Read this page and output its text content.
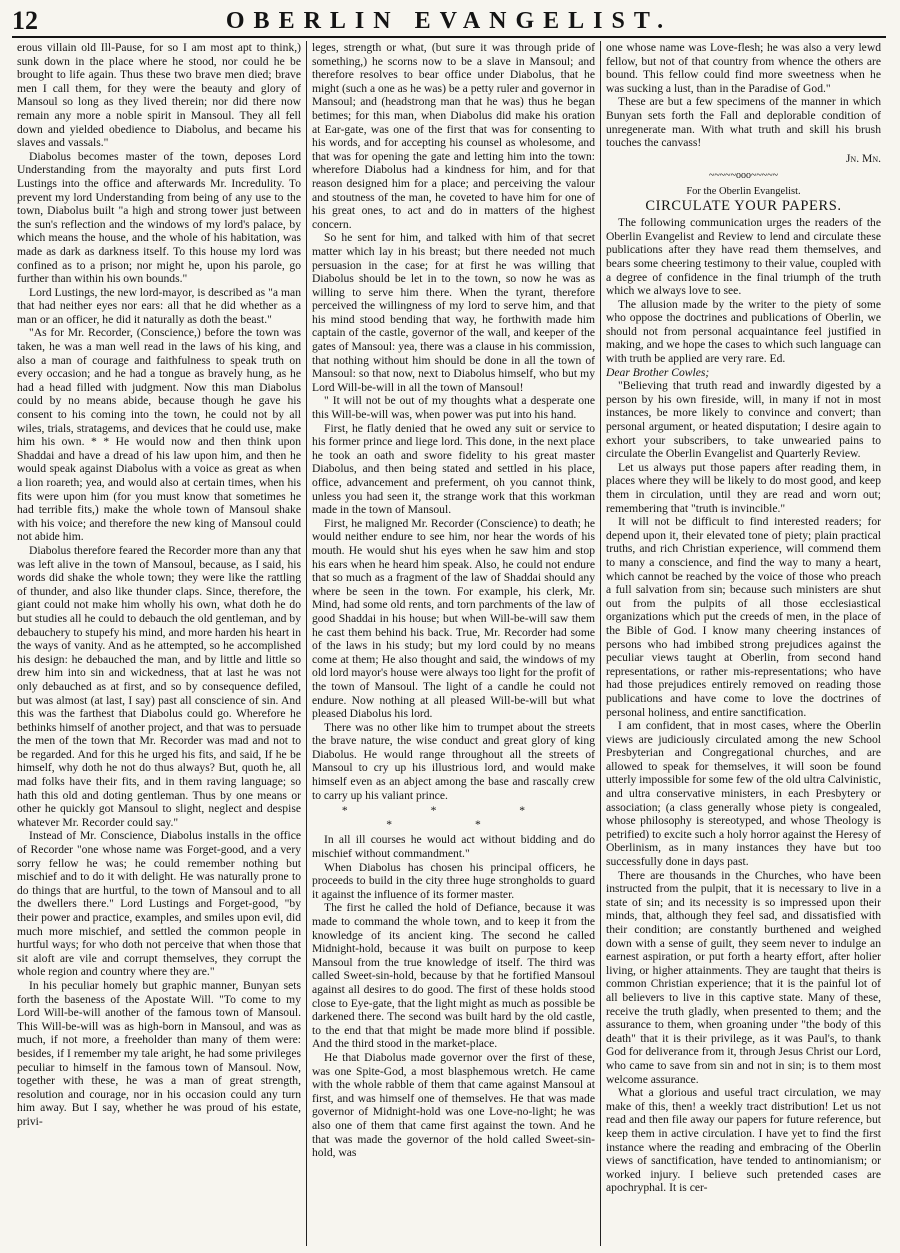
12	OBERLIN EVANGELIST.

erous villain old Ill-Pause, for so I am most apt to think,) sunk down in the place where he stood, nor could he be brought to life again. Thus these two brave men died; brave men I call them, for they were the beauty and glory of Mansoul so long as they lived therein; nor did there now remain any more a noble spirit in Mansoul. They all fell down and yielded obedience to Diabolus, and became his slaves and vassals."

Diabolus becomes master of the town, deposes Lord Understanding from the mayoralty and puts first Lord Lustings into the office and afterwards Mr. Incredulity. To prevent my lord Understanding from being of any use to the town, Diabolus built "a high and strong tower just between the sun's reflection and the windows of my lord's palace, by which means the house, and the whole of his habitation, was made as dark as darkness itself. To this house my lord was confined as to a prison; nor might he, upon his parole, go further than within his own bounds."

Lord Lustings, the new lord-mayor, is described as "a man that had neither eyes nor ears: all that he did whether as a man or an officer, he did it naturally as doth the beast."

"As for Mr. Recorder, (Conscience,) before the town was taken, he was a man well read in the laws of his king, and also a man of courage and faithfulness to speak truth on every occasion; and he had a tongue as bravely hung, as he had a head filled with judgment. Now this man Diabolus could by no means abide, because though he gave his consent to his coming into the town, he could not by all wiles, trials, stratagems, and devices that he could use, make him his own. * * He would now and then think upon Shaddai and have a dread of his law upon him, and then he would speak against Diabolus with a voice as great as when a lion roareth; yea, and would also at certain times, when his fits were upon him (for you must know that sometimes he had terrible fits,) make the whole town of Mansoul shake with his voice; and therefore the new king of Mansoul could not abide him.

Diabolus therefore feared the Recorder more than any that was left alive in the town of Mansoul, because, as I said, his words did shake the whole town; they were like the rattling of thunder, and also like thunder claps. Since, therefore, the giant could not make him wholly his own, what doth he do but studies all he could to debauch the old gentleman, and by debauchery to stupefy his mind, and more harden his heart in the ways of vanity. And as he attempted, so he accomplished his design: he debauched the man, and by little and little so drew him into sin and wickedness, that at last he was not only debauched as at first, and so by consequence defiled, but was almost (at last, I say) past all conscience of sin. And this was the farthest that Diabolus could go. Wherefore he bethinks himself of another project, and that was to persuade the men of the town that Mr. Recorder was mad and not to be regarded. And for this he urged his fits, and said, If he be himself, why doth he not do thus always? But, quoth he, all mad folks have their fits, and in them raving language; so hath this old and doting gentleman. Thus by one means or other he quickly got Mansoul to slight, neglect and despise whatever Mr. Recorder could say."

Instead of Mr. Conscience, Diabolus installs in the office of Recorder "one whose name was Forget-good, and a very sorry fellow he was; he could remember nothing but mischief and to do it with delight. He was naturally prone to do things that are hurtful, to the town of Mansoul and to all the dwellers there." Lord Lustings and Forget-good, "by their power and practice, examples, and smiles upon evil, did much more mischief, and settled the common people in hurtful ways; for who doth not perceive that when those that sit aloft are vile and corrupt themselves, they corrupt the whole region and country where they are."

In his peculiar homely but graphic manner, Bunyan sets forth the baseness of the Apostate Will. "To come to my Lord Will-be-will another of the famous town of Mansoul. This Will-be-will was as high-born in Mansoul, and was as much, if not more, a freeholder than many of them were: besides, if I remember my tale aright, he had some privileges peculiar to himself in the famous town of Mansoul. Now, together with these, he was a man of great strength, resolution and courage, nor in his occasion could any turn him away. But I say, whether he was proud of his estate, privi-

leges, strength or what, (but sure it was through pride of something,) he scorns now to be a slave in Mansoul; and therefore resolves to bear office under Diabolus, that he might (such a one as he was) be a petty ruler and governor in Mansoul; and (headstrong man that he was) thus he began betimes; for this man, when Diabolus did make his oration at Ear-gate, was one of the first that was for consenting to his words, and for accepting his counsel as wholesome, and that was for opening the gate and letting him into the town: wherefore Diabolus had a kindness for him, and for that reason designed him for a place; and perceiving the valour and stoutness of the man, he coveted to have him for one of his great ones, to act and do in matters of the highest concern.

So he sent for him, and talked with him of that secret matter which lay in his breast; but there needed not much persuasion in the case; for at first he was willing that Diabolus should be let in to the town, so now he was as willing to serve him there. When the tyrant, therefore perceived the willingness of my lord to serve him, and that his mind stood bending that way, he forthwith made him captain of the castle, governor of the wall, and keeper of the gates of Mansoul: yea, there was a clause in his commission, that nothing without him should be done in all the town of Mansoul: so that now, next to Diabolus himself, who but my Lord Will-be-will in all the town of Mansoul!

" It will not be out of my thoughts what a desperate one this Will-be-will was, when power was put into his hand.

First, he flatly denied that he owed any suit or service to his former prince and liege lord. This done, in the next place he took an oath and swore fidelity to his great master Diabolus, and then being stated and settled in his place, office, advancement and preferment, oh you cannot think, unless you had seen it, the strange work that this workman made in the town of Mansoul.

First, he maligned Mr. Recorder (Conscience) to death; he would neither endure to see him, nor hear the words of his mouth. He would shut his eyes when he saw him and stop his ears when he heard him speak. Also, he could not endure that so much as a fragment of the law of Shaddai should any where be seen in the town. For example, his clerk, Mr. Mind, had some old rents, and torn parchments of the law of good Shaddai in his house; but when Will-be-will saw them he cast them behind his back. True, Mr. Recorder had some of the laws in his study; but my lord could by no means come at them; He also thought and said, the windows of my old lord mayor's house were always too light for the profit of the town of Mansoul. The light of a candle he could not endure. Now nothing at all pleased Will-be-will but what pleased Diabolus his lord.

There was no other like him to trumpet about the streets the brave nature, the wise conduct and great glory of king Diabolus. He would range throughout all the streets of Mansoul to cry up his illustrious lord, and would make himself even as an abject among the base and rascally crew to carry up his valiant prince.

* * * * *

In all ill courses he would act without bidding and do mischief without commandment."

When Diabolus has chosen his principal officers, he proceeds to build in the city three huge strongholds to guard it against the influence of its former master.

The first he called the hold of Defiance, because it was made to command the whole town, and to keep it from the knowledge of its ancient king. The second he called Midnight-hold, because it was built on purpose to keep Mansoul from the true knowledge of itself. The third was called Sweet-sin-hold, because by that he fortified Mansoul against all desires to do good. The first of these holds stood close to Eye-gate, that the light might as much as possible be darkened there. The second was built hard by the old castle, to the end that that might be made more blind if possible. And the third stood in the market-place.

He that Diabolus made governor over the first of these, was one Spite-God, a most blasphemous wretch. He came with the whole rabble of them that came against Mansoul at first, and was himself one of themselves. He that was made governor of Midnight-hold was one Love-no-light; he was also one of them that came first against the town. And he that was made the governor of the hold called Sweet-sin-hold, was

one whose name was Love-flesh; he was also a very lewd fellow, but not of that country from whence the others are bound. This fellow could find more sweetness when he was sucking a lust, than in the Paradise of God."

These are but a few specimens of the manner in which Bunyan sets forth the Fall and deplorable condition of unregenerate man. With what truth and skill his brush touches the canvass!

Jn. Mn.
~~~~~ooo~~~~~
For the Oberlin Evangelist.
CIRCULATE YOUR PAPERS.

The following communication urges the readers of the Oberlin Evangelist and Review to lend and circulate these publications after they have read them themselves, and bears some cheering testimony to their value, coupled with a degree of confidence in the final triumph of the truth which we always love to see.

The allusion made by the writer to the piety of some who oppose the doctrines and publications of Oberlin, we should not from personal acquaintance feel justified in making, and we hope the cases to which such language can with truth be applied are very rare. Ed.

Dear Brother Cowles;

"Believing that truth read and inwardly digested by a person by his own fireside, will, in many if not in most instances, be more likely to convince and convert; than personal argument, or heated disputation; I desire again to exhort your subscribers, to take unwearied pains to circulate the Oberlin Evangelist and Quarterly Review.

Let us always put those papers after reading them, in places where they will be likely to do most good, and keep them in circulation, until they are read and worn out; remembering that "truth is invincible."

It will not be difficult to find interested readers; for depend upon it, their elevated tone of piety; plain practical truths, and rich Christian experience, will commend them to many a conscience, and find the way to many a heart, which cannot be reached by the voice of those who preach a full salvation from sin; because such ministers are shut out from the pulpits of all those ecclesiastical organizations which put the creeds of men, in the place of the Bible of God. I know many cheering instances of persons who had imbibed strong prejudices against the peculiar views taught at Oberlin, from second hand representations, or rather mis-representations; who have had those prejudices entirely removed on reading those publications and have come to love the doctrines of personal holiness, and entire sanctification.

I am confident, that in most cases, where the Oberlin views are judiciously circulated among the new School Presbyterian and Congregational churches, and are allowed to speak for themselves, it will soon be found utterly impossible for some few of the old ultra Calvinistic, and ultra conservative ministers, in each Presbytery or association; (a class generally whose piety is congealed, whose philosophy is stereotyped, and whose Theology is petrified) to excite such a holy horror against the Heresy of Oberlinism, as in many instances they have but too successfully done in days past.

There are thousands in the Churches, who have been instructed from the pulpit, that it is necessary to live in a state of sin; and its necessity is so impressed upon their minds, that, although they feel sad, and dissatisfied with their condition; are constantly burthened and weighed down with a sense of guilt, they seem never to indulge an earnest aspiration, or put forth a hearty effort, after holier living, or higher attainments. They are taught that theirs is common Christian experience; that it is the painful lot of all believers to live in this captive state. Many of these, receive the truth gladly, when presented to them; and the assurance to them, when groaning under "the body of this death" that it is their privilege, as it was Paul's, to thank God for deliverance from it, through Jesus Christ our Lord, who came to save from sin and not in sin; is to them most welcome assurance.

What a glorious and useful tract circulation, we may make of this, then! a weekly tract distribution! Let us not read and then file away our papers for future reference, but keep them in active circulation. I have yet to find the first instance where the reading and embracing of the Oberlin views of sanctification, have tended to antinomianism; or worked injury. I believe such pretended cases are apochryphal. It is cer-
